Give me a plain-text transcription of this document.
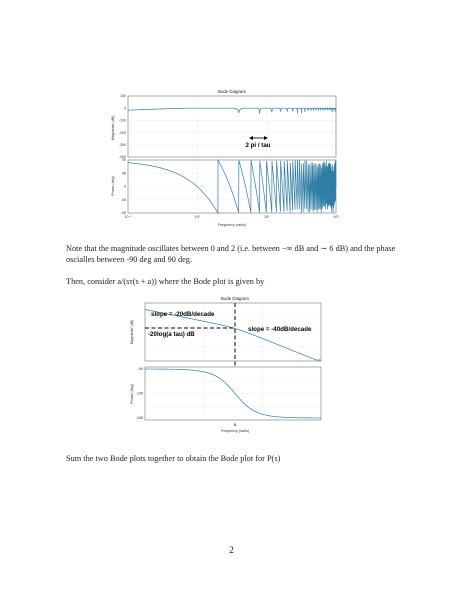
Bode Diagram
100
0
-100
-200
-300
-400
Magnitude (dB)
2 pi / tau
90
45
0
-45
-90
Phase (deg)
10⁻¹	10⁰	10¹	10²
Frequency (rad/s)
Note that the magnitude oscillates between 0 and 2 (i.e. between −∞ dB and ∼ 6 dB) and the phase
oscialles between -90 deg and 90 deg.
Then, consider a/(sτ(s + a)) where the Bode plot is given by
Bode Diagram
Magnitude (dB)
slope = -20dB/decade
slope = -40dB/decade
-20log(a tau) dB
-90
-135
-180
Phase (deg)
a
Frequency (rad/s)
Sum the two Bode plots together to obtain the Bode plot for P(s)
2
